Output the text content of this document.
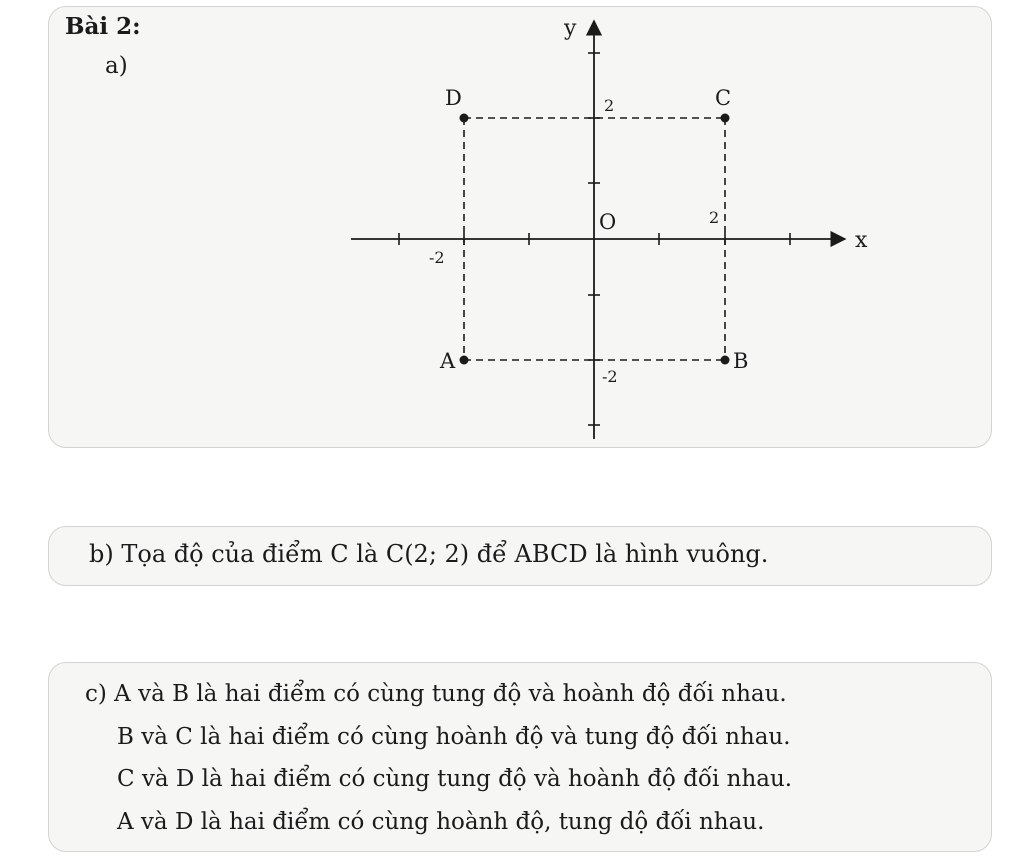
Bài 2:
a)
x
y
O	2
-2
2
-2
A	B
C
D
b) Tọa độ của điểm C là C(2; 2) để ABCD là hình vuông.
c) A và B là hai điểm có cùng tung độ và hoành độ đối nhau.
B và C là hai điểm có cùng hoành độ và tung độ đối nhau.
C và D là hai điểm có cùng tung độ và hoành độ đối nhau.
A và D là hai điểm có cùng hoành độ, tung dộ đối nhau.
